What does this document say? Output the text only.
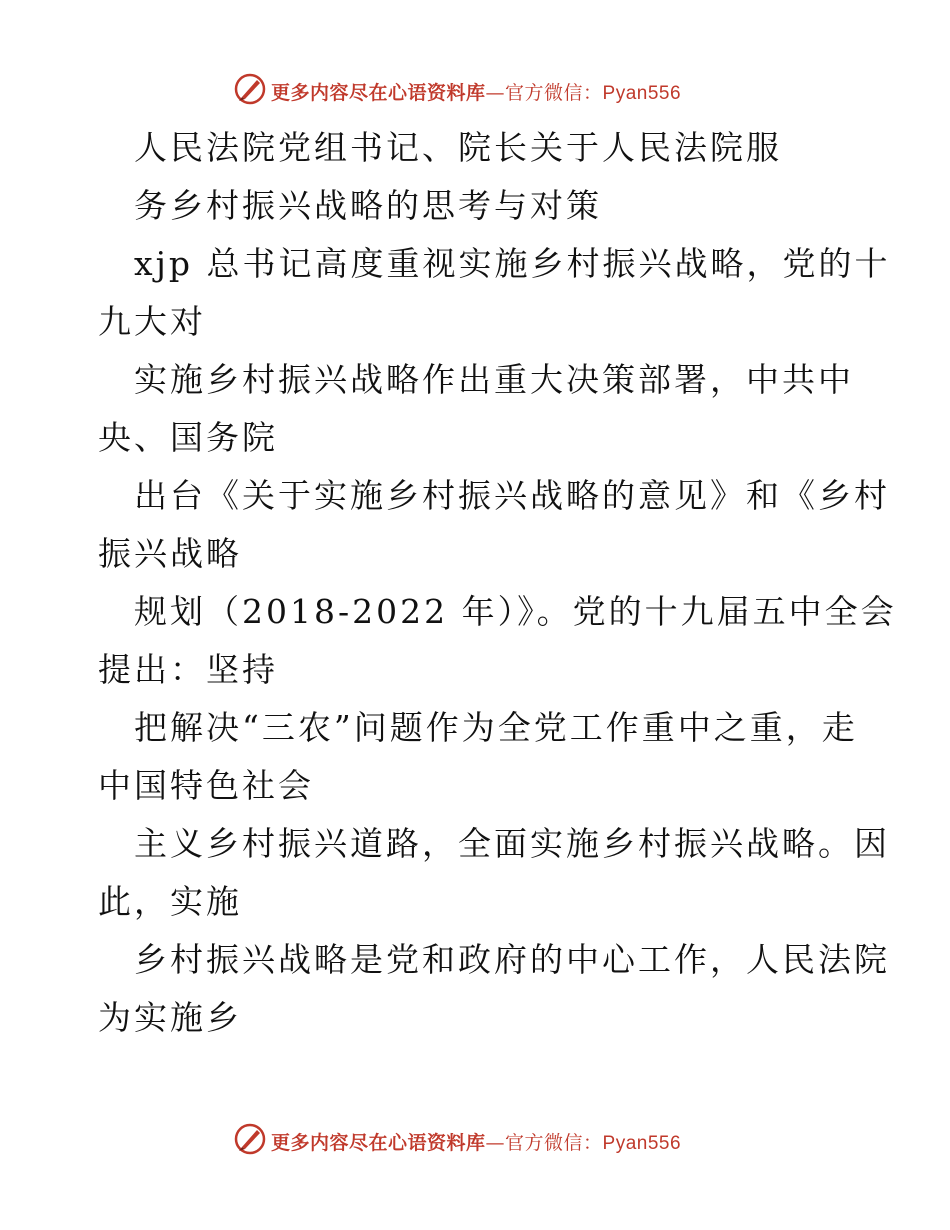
更多内容尽在心语资料库—官方微信：Pyan556
人民法院党组书记、院长关于人民法院服
务乡村振兴战略的思考与对策
xjp 总书记高度重视实施乡村振兴战略，党的十
九大对
实施乡村振兴战略作出重大决策部署，中共中
央、国务院
出台《关于实施乡村振兴战略的意见》和《乡村
振兴战略
规划（2018-2022 年）》。党的十九届五中全会
提出：坚持
把解决“三农”问题作为全党工作重中之重，走
中国特色社会
主义乡村振兴道路，全面实施乡村振兴战略。因
此，实施
乡村振兴战略是党和政府的中心工作，人民法院
为实施乡
更多内容尽在心语资料库—官方微信：Pyan556
